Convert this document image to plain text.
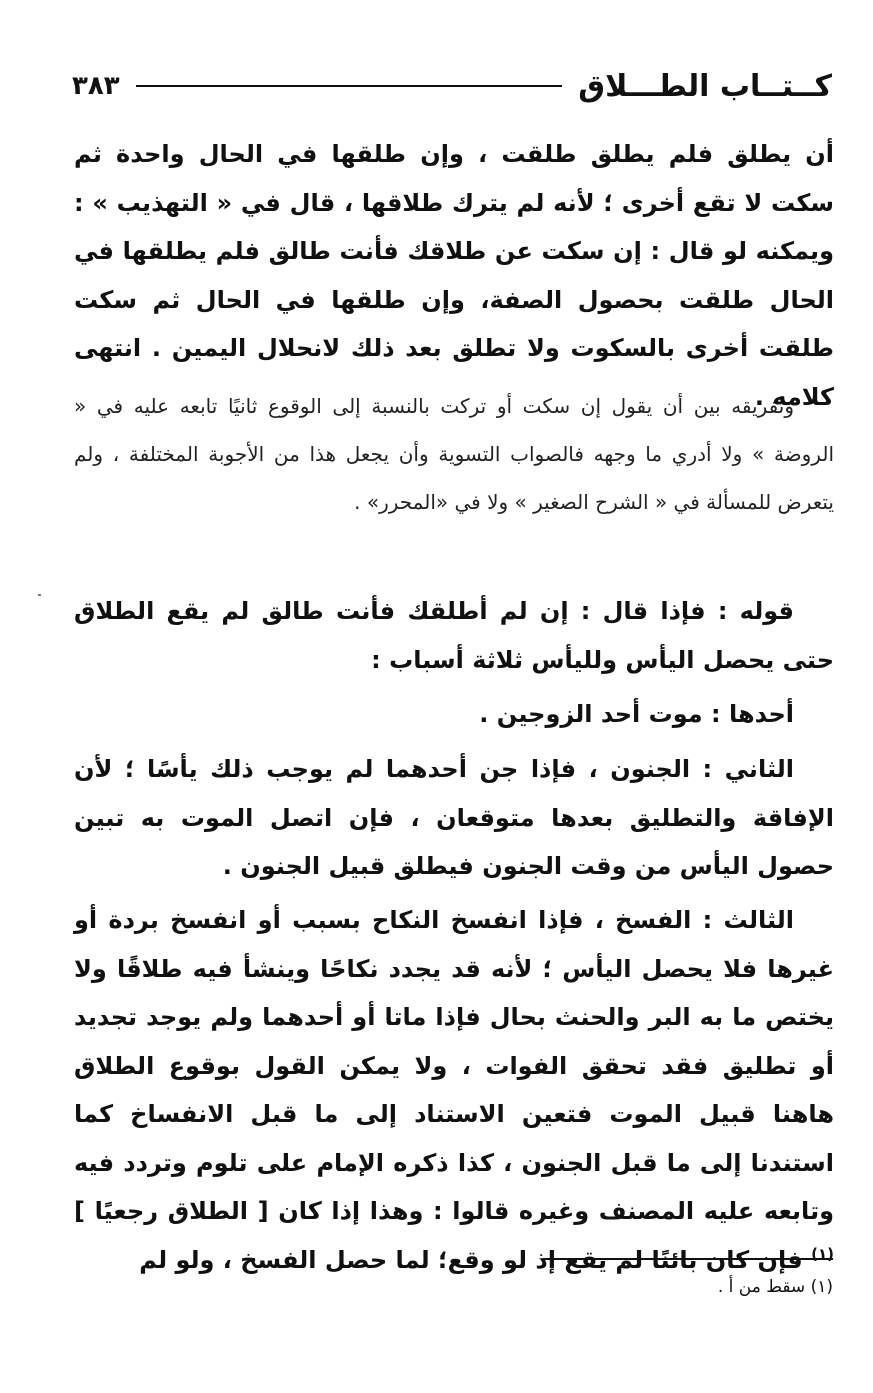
كــتــاب الطـــلاق
٣٨٣

أن يطلق فلم يطلق طلقت ، وإن طلقها في الحال واحدة ثم سكت لا تقع أخرى ؛ لأنه لم يترك طلاقها ، قال في « التهذيب » : ويمكنه لو قال : إن سكت عن طلاقك فأنت طالق فلم يطلقها في الحال طلقت بحصول الصفة، وإن طلقها في الحال ثم سكت طلقت أخرى بالسكوت ولا تطلق بعد ذلك لانحلال اليمين . انتهى كلامه .

وتفريقه بين أن يقول إن سكت أو تركت بالنسبة إلى الوقوع ثانيًا تابعه عليه في « الروضة » ولا أدري ما وجهه فالصواب التسوية وأن يجعل هذا من الأجوبة المختلفة ، ولم يتعرض للمسألة في « الشرح الصغير » ولا في «المحرر» .

قوله : فإذا قال : إن لم أطلقك فأنت طالق لم يقع الطلاق حتى يحصل اليأس ولليأس ثلاثة أسباب :

أحدها : موت أحد الزوجين .

الثاني : الجنون ، فإذا جن أحدهما لم يوجب ذلك يأسًا ؛ لأن الإفاقة والتطليق بعدها متوقعان ، فإن اتصل الموت به تبين حصول اليأس من وقت الجنون فيطلق قبيل الجنون .

الثالث : الفسخ ، فإذا انفسخ النكاح بسبب أو انفسخ بردة أو غيرها فلا يحصل اليأس ؛ لأنه قد يجدد نكاحًا وينشأ فيه طلاقًا ولا يختص ما به البر والحنث بحال فإذا ماتا أو أحدهما ولم يوجد تجديد أو تطليق فقد تحقق الفوات ، ولا يمكن القول بوقوع الطلاق هاهنا قبيل الموت فتعين الاستناد إلى ما قبل الانفساخ كما استندنا إلى ما قبل الجنون ، كذا ذكره الإمام على تلوم وتردد فيه وتابعه عليه المصنف وغيره قالوا : وهذا إذا كان [ الطلاق رجعيًا ] $^{(١)}$ فإن كان بائنًا لم يقع إذ لو وقع؛ لما حصل الفسخ ، ولو لم

(١) سقط من أ .
